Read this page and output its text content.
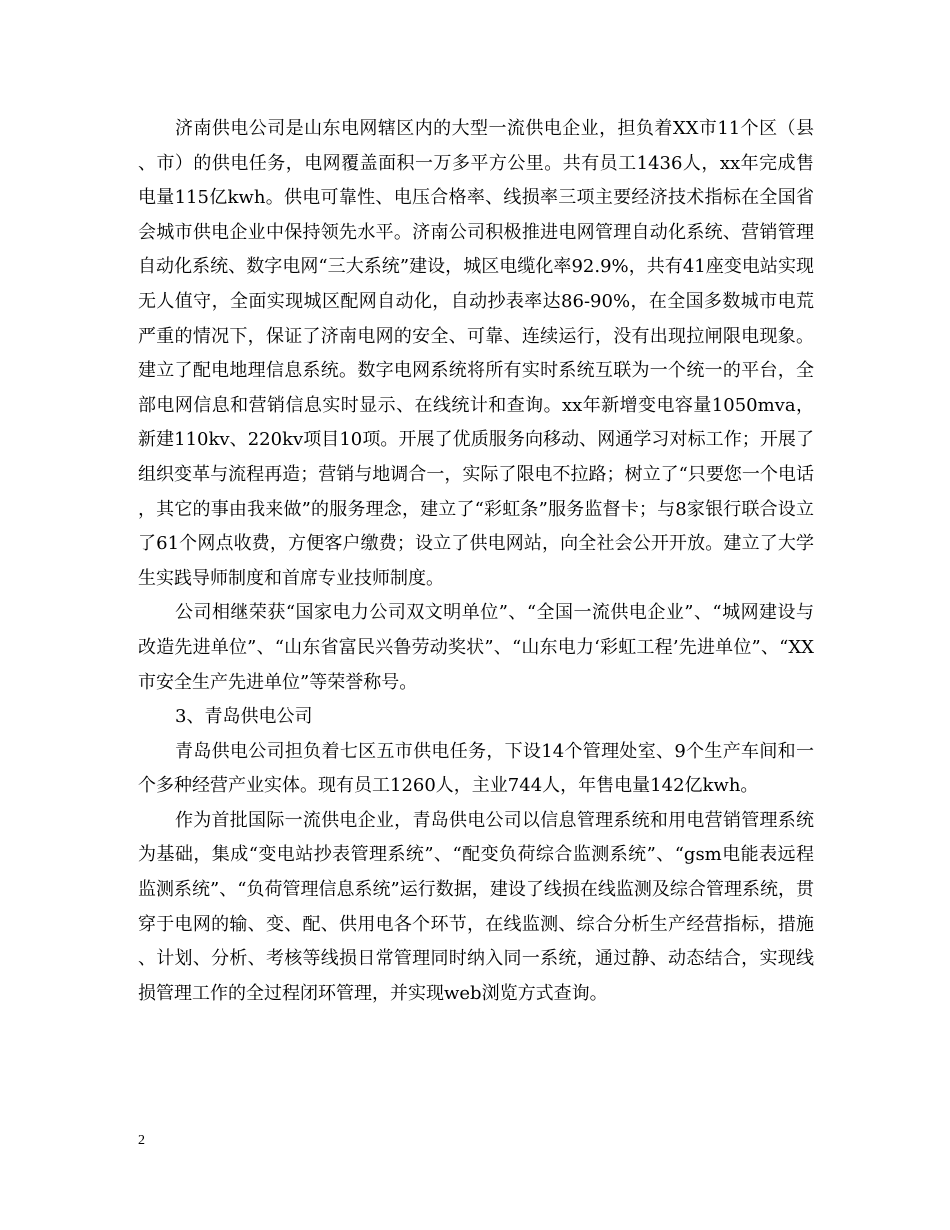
济南供电公司是山东电网辖区内的大型一流供电企业，担负着XX市11个区（县、市）的供电任务，电网覆盖面积一万多平方公里。共有员工1436人，xx年完成售电量115亿kwh。供电可靠性、电压合格率、线损率三项主要经济技术指标在全国省会城市供电企业中保持领先水平。济南公司积极推进电网管理自动化系统、营销管理自动化系统、数字电网“三大系统”建设，城区电缆化率92.9%，共有41座变电站实现无人值守，全面实现城区配网自动化，自动抄表率达86-90%，在全国多数城市电荒严重的情况下，保证了济南电网的安全、可靠、连续运行，没有出现拉闸限电现象。建立了配电地理信息系统。数字电网系统将所有实时系统互联为一个统一的平台，全部电网信息和营销信息实时显示、在线统计和查询。xx年新增变电容量1050mva，新建110kv、220kv项目10项。开展了优质服务向移动、网通学习对标工作；开展了组织变革与流程再造；营销与地调合一，实际了限电不拉路；树立了“只要您一个电话，其它的事由我来做”的服务理念，建立了“彩虹条”服务监督卡；与8家银行联合设立了61个网点收费，方便客户缴费；设立了供电网站，向全社会公开开放。建立了大学生实践导师制度和首席专业技师制度。

公司相继荣获“国家电力公司双文明单位”、“全国一流供电企业”、“城网建设与改造先进单位”、“山东省富民兴鲁劳动奖状”、“山东电力‘彩虹工程’先进单位”、“XX市安全生产先进单位”等荣誉称号。

3、青岛供电公司

青岛供电公司担负着七区五市供电任务，下设14个管理处室、9个生产车间和一个多种经营产业实体。现有员工1260人，主业744人，年售电量142亿kwh。

作为首批国际一流供电企业，青岛供电公司以信息管理系统和用电营销管理系统为基础，集成“变电站抄表管理系统”、“配变负荷综合监测系统”、“gsm电能表远程监测系统”、“负荷管理信息系统”运行数据，建设了线损在线监测及综合管理系统，贯穿于电网的输、变、配、供用电各个环节，在线监测、综合分析生产经营指标，措施、计划、分析、考核等线损日常管理同时纳入同一系统，通过静、动态结合，实现线损管理工作的全过程闭环管理，并实现web浏览方式查询。

2
